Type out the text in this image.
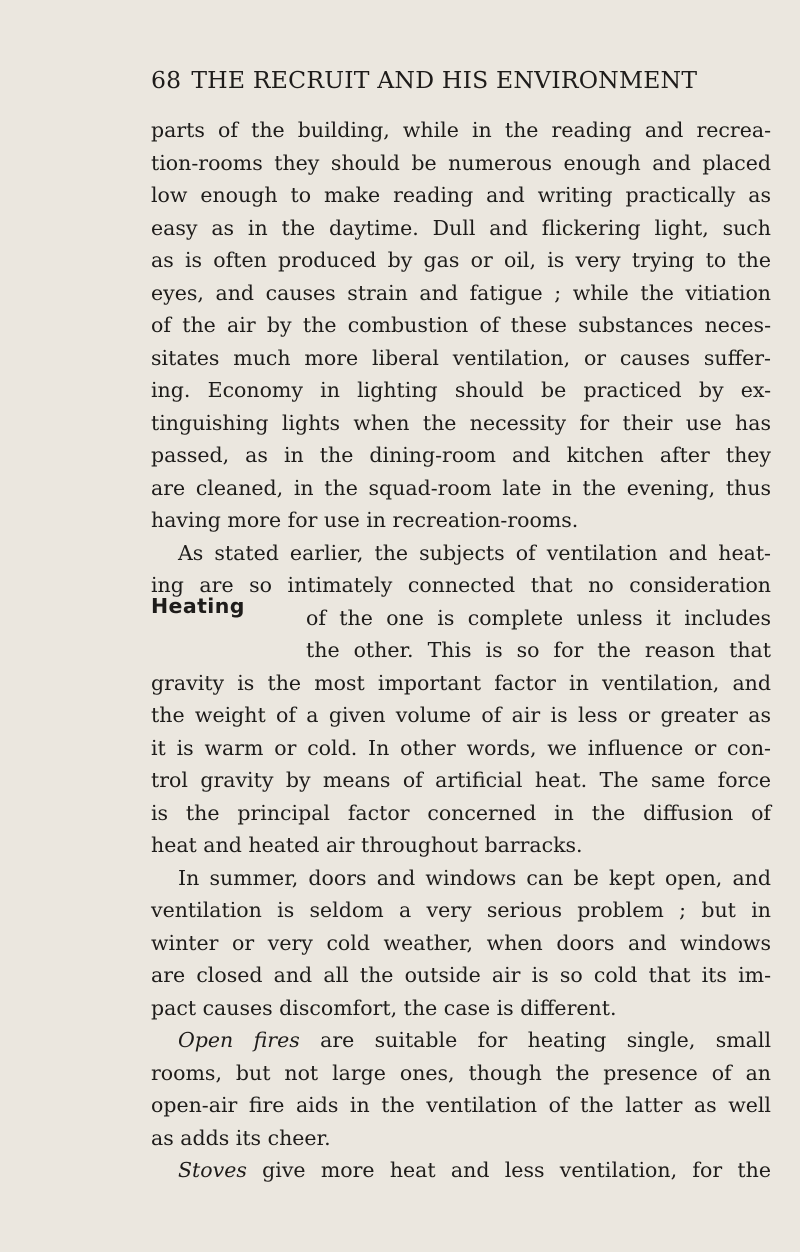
68 THE RECRUIT AND HIS ENVIRONMENT
Heating
parts of the building, while in the reading and recrea-
tion-rooms they should be numerous enough and placed
low enough to make reading and writing practically as
easy as in the daytime. Dull and flickering light, such
as is often produced by gas or oil, is very trying to the
eyes, and causes strain and fatigue ; while the vitiation
of the air by the combustion of these substances neces-
sitates much more liberal ventilation, or causes suffer-
ing. Economy in lighting should be practiced by ex-
tinguishing lights when the necessity for their use has
passed, as in the dining-room and kitchen after they
are cleaned, in the squad-room late in the evening, thus
having more for use in recreation-rooms.
As stated earlier, the subjects of ventilation and heat-
ing are so intimately connected that no consideration
of the one is complete unless it includes
the other. This is so for the reason that
gravity is the most important factor in ventilation, and
the weight of a given volume of air is less or greater as
it is warm or cold. In other words, we influence or con-
trol gravity by means of artificial heat. The same force
is the principal factor concerned in the diffusion of
heat and heated air throughout barracks.
In summer, doors and windows can be kept open, and
ventilation is seldom a very serious problem ; but in
winter or very cold weather, when doors and windows
are closed and all the outside air is so cold that its im-
pact causes discomfort, the case is different.
Open fires are suitable for heating single, small
rooms, but not large ones, though the presence of an
open-air fire aids in the ventilation of the latter as well
as adds its cheer.
Stoves give more heat and less ventilation, for the
